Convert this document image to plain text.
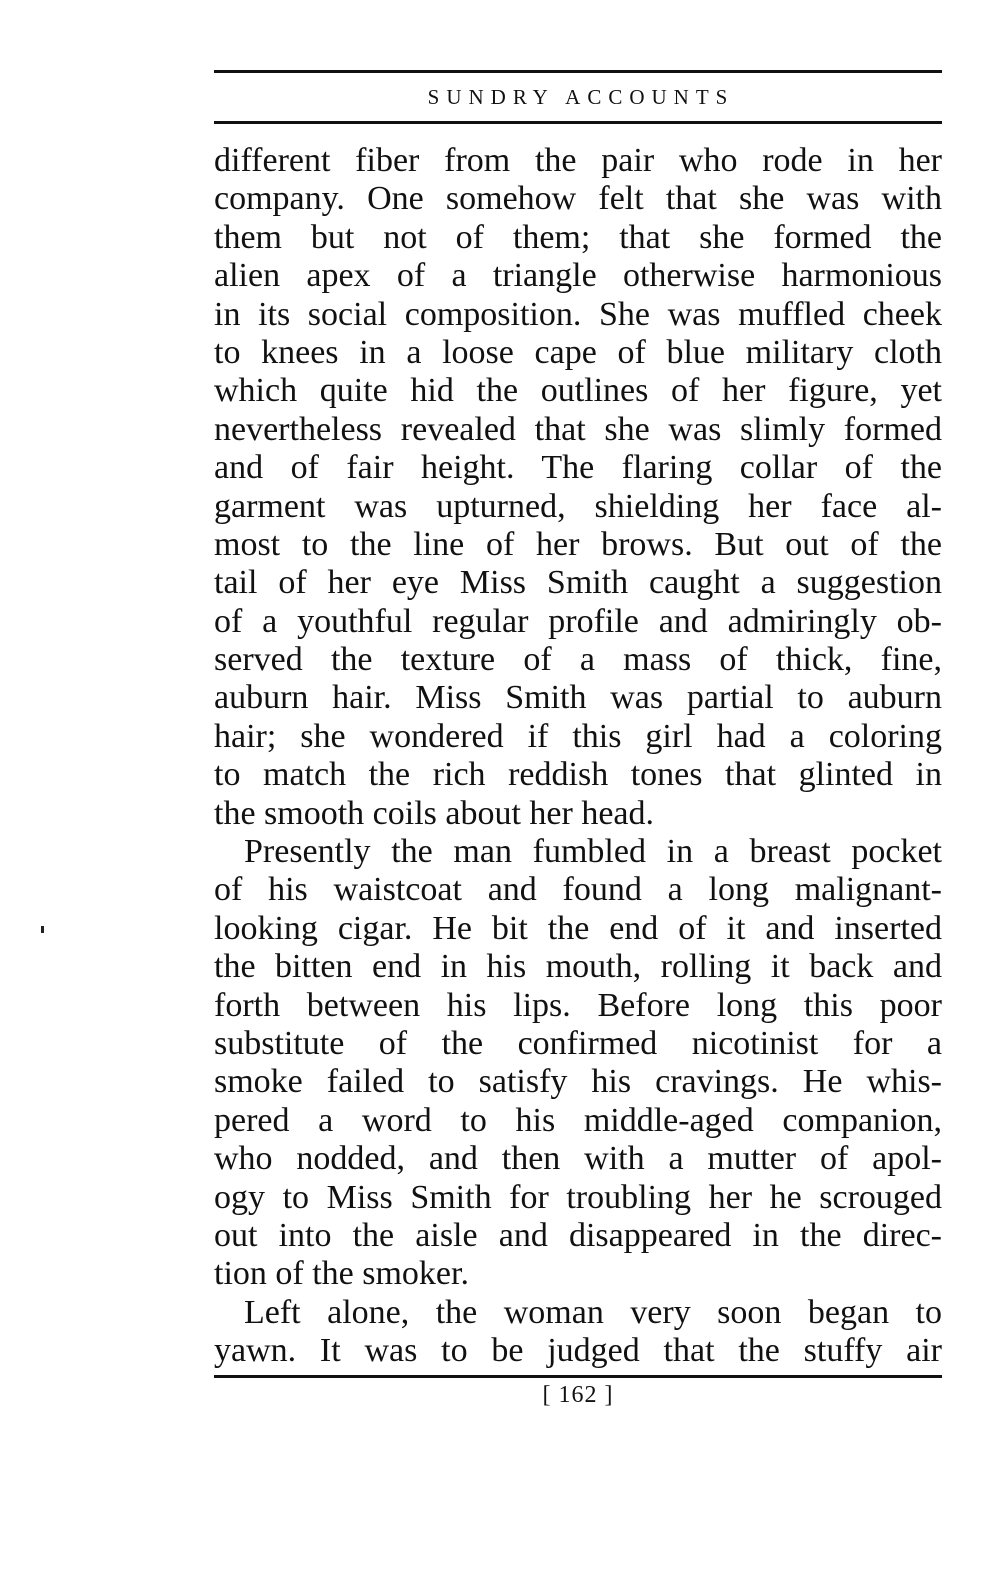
SUNDRY ACCOUNTS
different fiber from the pair who rode in her
company. One somehow felt that she was with
them but not of them; that she formed the
alien apex of a triangle otherwise harmonious
in its social composition. She was muffled cheek
to knees in a loose cape of blue military cloth
which quite hid the outlines of her figure, yet
nevertheless revealed that she was slimly formed
and of fair height. The flaring collar of the
garment was upturned, shielding her face al-
most to the line of her brows. But out of the
tail of her eye Miss Smith caught a suggestion
of a youthful regular profile and admiringly ob-
served the texture of a mass of thick, fine,
auburn hair. Miss Smith was partial to auburn
hair; she wondered if this girl had a coloring
to match the rich reddish tones that glinted in
the smooth coils about her head.
Presently the man fumbled in a breast pocket
of his waistcoat and found a long malignant-
looking cigar. He bit the end of it and inserted
the bitten end in his mouth, rolling it back and
forth between his lips. Before long this poor
substitute of the confirmed nicotinist for a
smoke failed to satisfy his cravings. He whis-
pered a word to his middle-aged companion,
who nodded, and then with a mutter of apol-
ogy to Miss Smith for troubling her he scrouged
out into the aisle and disappeared in the direc-
tion of the smoker.
Left alone, the woman very soon began to
yawn. It was to be judged that the stuffy air
[ 162 ]
